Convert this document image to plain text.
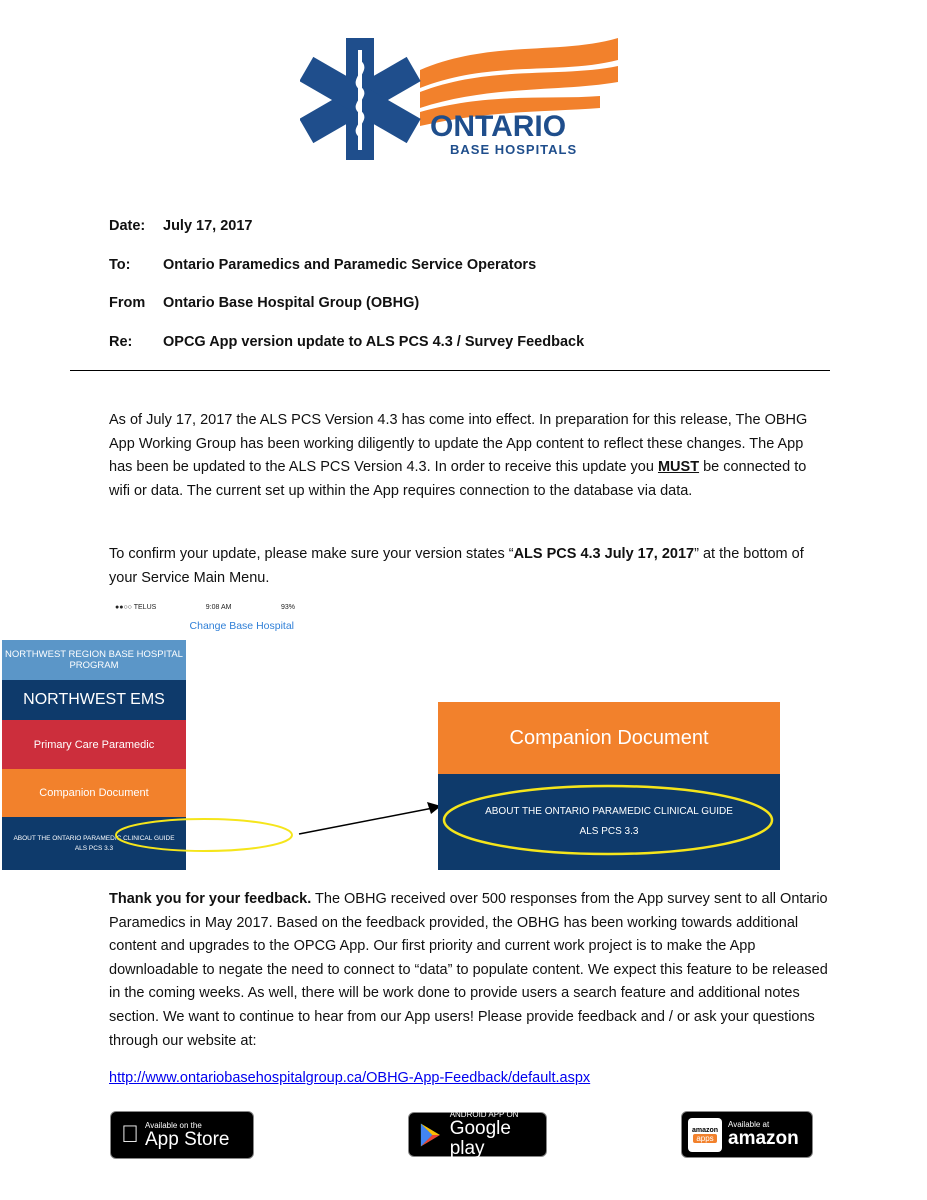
ONTARIO
BASE HOSPITALS
Date: July 17, 2017
To: Ontario Paramedics and Paramedic Service Operators
From Ontario Base Hospital Group (OBHG)
Re: OPCG App version update to ALS PCS 4.3 / Survey Feedback
As of July 17, 2017 the ALS PCS Version 4.3 has come into effect. In preparation for this release, The OBHG App Working Group has been working diligently to update the App content to reflect these changes. The App has been be updated to the ALS PCS Version 4.3. In order to receive this update you MUST be connected to wifi or data. The current set up within the App requires connection to the database via data.
To confirm your update, please make sure your version states “ALS PCS 4.3 July 17, 2017” at the bottom of your Service Main Menu.
●●○○ TELUS	9:08 AM	93%
Change Base Hospital
NORTHWEST REGION BASE HOSPITAL PROGRAM
NORTHWEST EMS
Primary Care Paramedic
Companion Document
ABOUT THE ONTARIO PARAMEDIC CLINICAL GUIDE
ALS PCS 3.3
Companion Document
ABOUT THE ONTARIO PARAMEDIC CLINICAL GUIDE
ALS PCS 3.3
Thank you for your feedback. The OBHG received over 500 responses from the App survey sent to all Ontario Paramedics in May 2017. Based on the feedback provided, the OBHG has been working towards additional content and upgrades to the OPCG App. Our first priority and current work project is to make the App downloadable to negate the need to connect to “data” to populate content. We expect this feature to be released in the coming weeks. As well, there will be work done to provide users a search feature and additional notes section. We want to continue to hear from our App users! Please provide feedback and / or ask your questions through our website at:
http://www.ontariobasehospitalgroup.ca/OBHG-App-Feedback/default.aspx
Available on the
App Store
ANDROID APP ON
Google play
amazon
apps
Available at
amazon
